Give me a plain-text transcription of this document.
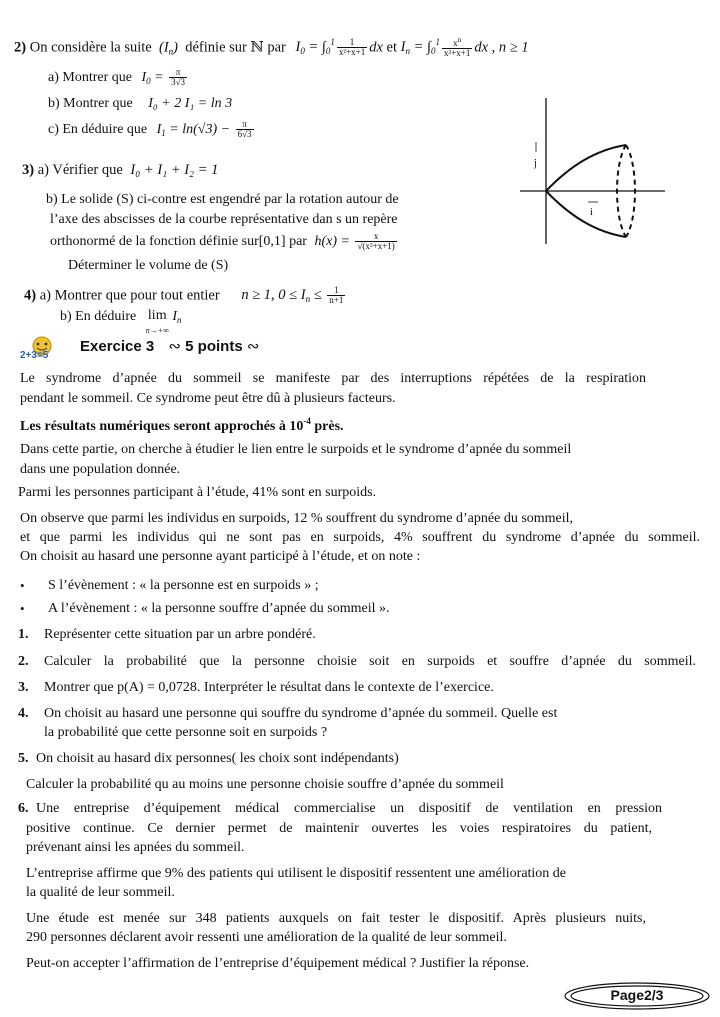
2) On considère la suite $(I_n)$ définie sur ℕ par $I_0 = \int_0^1 \frac{1}{\text{x²+x+1}}$ dx et $I_n = \int_0^1 \frac{x^n}{\text{x²+x+1}}$ dx , n ≥ 1
a) Montrer que $I_0 = \frac{\pi}{3√3}$
b) Montrer que I₀ + 2 I₁ = ln 3
c) En déduire que $I_1 = \ln(√3) - \frac{\pi}{6√3}$
3) a) Vérifier que I₀ + I₁ + I₂ = 1
b) Le solide (S) ci-contre est engendré par la rotation autour de
l’axe des abscisses de la courbe représentative dan s un repère
orthonormé de la fonction définie sur[0,1] par $h(x) = \frac{x}{\text{√(x²+x+1)}}$
Déterminer le volume de (S)
j
i
4) a) Montrer que pour tout entier n ≥ 1, $0 \le I_n \le \frac{1}{n+1}$
b) En déduire lim
n→+∞ $I_n$
2+3=5
Exercice 3 ∾ 5 points ∾
Le syndrome d’apnée du sommeil se manifeste par des interruptions répétées de la respiration
pendant le sommeil. Ce syndrome peut être dû à plusieurs facteurs.
Les résultats numériques seront approchés à $10^{-4}$ près.
Dans cette partie, on cherche à étudier le lien entre le surpoids et le syndrome d’apnée du sommeil
dans une population donnée.
Parmi les personnes participant à l’étude, 41% sont en surpoids.
On observe que parmi les individus en surpoids, 12 % souffrent du syndrome d’apnée du sommeil,
et que parmi les individus qui ne sont pas en surpoids, 4% souffrent du syndrome d’apnée du sommeil.
On choisit au hasard une personne ayant participé à l’étude, et on note :
• S l’évènement : « la personne est en surpoids » ;
• A l’évènement : « la personne souffre d’apnée du sommeil ».
1. Représenter cette situation par un arbre pondéré.
2. Calculer la probabilité que la personne choisie soit en surpoids et souffre d’apnée du sommeil.
3. Montrer que p(A) = 0,0728. Interpréter le résultat dans le contexte de l’exercice.
4. On choisit au hasard une personne qui souffre du syndrome d’apnée du sommeil. Quelle est
la probabilité que cette personne soit en surpoids ?
5. On choisit au hasard dix personnes( les choix sont indépendants)
Calculer la probabilité qu au moins une personne choisie souffre d’apnée du sommeil
6. Une entreprise d’équipement médical commercialise un dispositif de ventilation en pression
positive continue. Ce dernier permet de maintenir ouvertes les voies respiratoires du patient,
prévenant ainsi les apnées du sommeil.
L’entreprise affirme que 9% des patients qui utilisent le dispositif ressentent une amélioration de
la qualité de leur sommeil.
Une étude est menée sur 348 patients auxquels on fait tester le dispositif. Après plusieurs nuits,
290 personnes déclarent avoir ressenti une amélioration de la qualité de leur sommeil.
Peut-on accepter l’affirmation de l’entreprise d’équipement médical ? Justifier la réponse.
Page2/3
